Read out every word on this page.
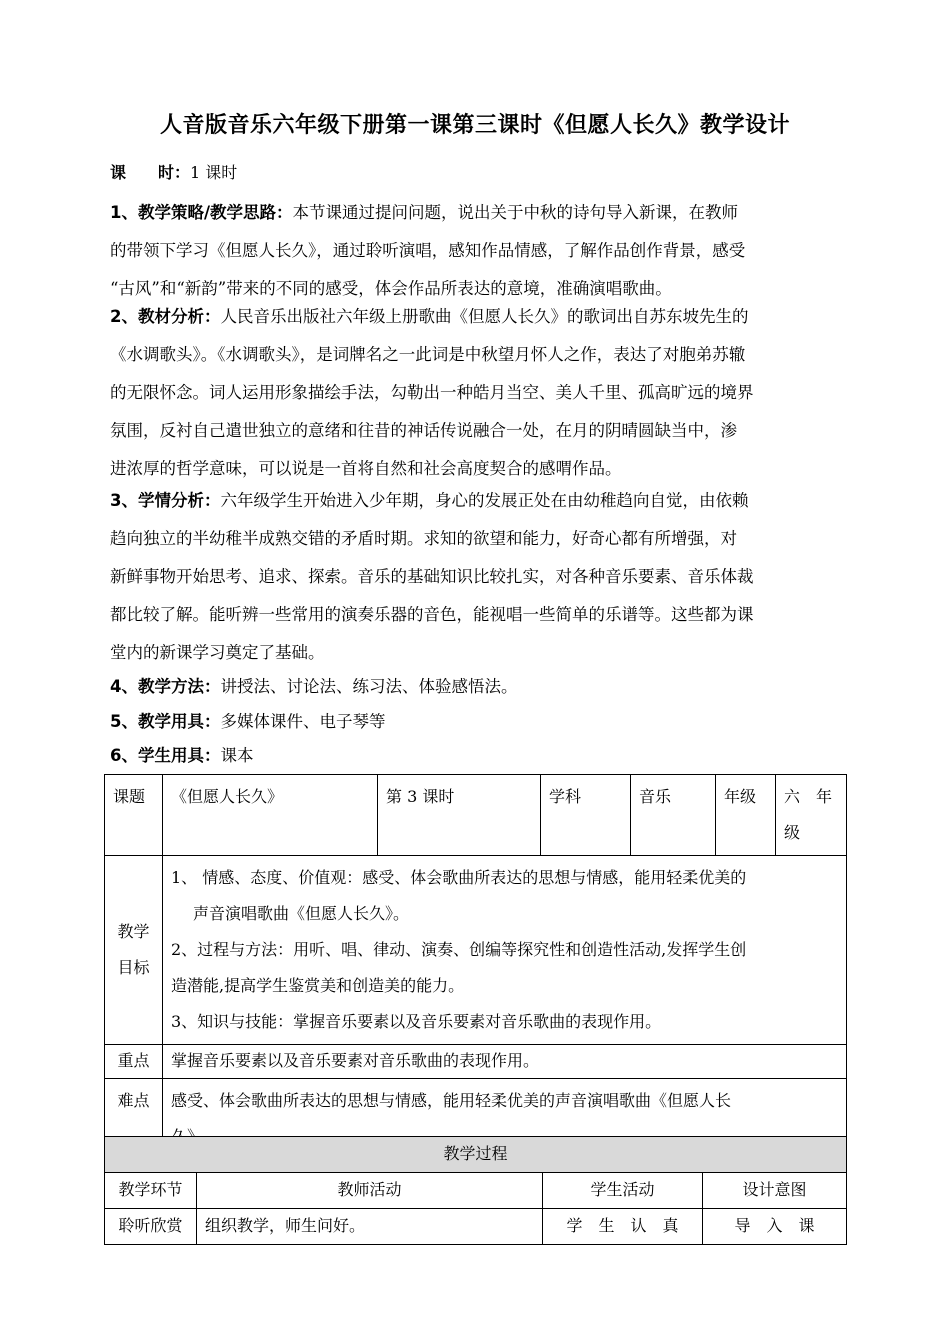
人音版音乐六年级下册第一课第三课时《但愿人长久》教学设计
课　　时：1 课时
1、教学策略/教学思路：本节课通过提问问题，说出关于中秋的诗句导入新课，在教师
的带领下学习《但愿人长久》，通过聆听演唱，感知作品情感，了解作品创作背景，感受
“古风”和“新韵”带来的不同的感受，体会作品所表达的意境，准确演唱歌曲。
2、教材分析：人民音乐出版社六年级上册歌曲《但愿人长久》的歌词出自苏东坡先生的
《水调歌头》。《水调歌头》，是词牌名之一此词是中秋望月怀人之作，表达了对胞弟苏辙
的无限怀念。词人运用形象描绘手法，勾勒出一种皓月当空、美人千里、孤高旷远的境界
氛围，反衬自己遣世独立的意绪和往昔的神话传说融合一处，在月的阴晴圆缺当中，渗
进浓厚的哲学意味，可以说是一首将自然和社会高度契合的感喟作品。
3、学情分析：六年级学生开始进入少年期，身心的发展正处在由幼稚趋向自觉，由依赖
趋向独立的半幼稚半成熟交错的矛盾时期。求知的欲望和能力，好奇心都有所增强，对
新鲜事物开始思考、追求、探索。音乐的基础知识比较扎实，对各种音乐要素、音乐体裁
都比较了解。能听辨一些常用的演奏乐器的音色，能视唱一些简单的乐谱等。这些都为课
堂内的新课学习奠定了基础。
4、教学方法：讲授法、讨论法、练习法、体验感悟法。
5、教学用具：多媒体课件、电子琴等
6、学生用具：课本
课题	《但愿人长久》	第 3 课时	学科	音乐	年级	六　年
级

教学
目标	1、 情感、态度、价值观：感受、体会歌曲所表达的思想与情感，能用轻柔优美的
声音演唱歌曲《但愿人长久》。
2、过程与方法：用听、唱、律动、演奏、创编等探究性和创造性活动,发挥学生创
造潜能,提高学生鉴赏美和创造美的能力。
3、知识与技能：掌握音乐要素以及音乐要素对音乐歌曲的表现作用。					

重点	掌握音乐要素以及音乐要素对音乐歌曲的表现作用。					
难点	感受、体会歌曲所表达的思想与情感，能用轻柔优美的声音演唱歌曲《但愿人长					
教学过程			
教学环节	教师活动	学生活动	设计意图
聆听欣赏	组织教学，师生问好。	学　生　认　真	导　入　课
